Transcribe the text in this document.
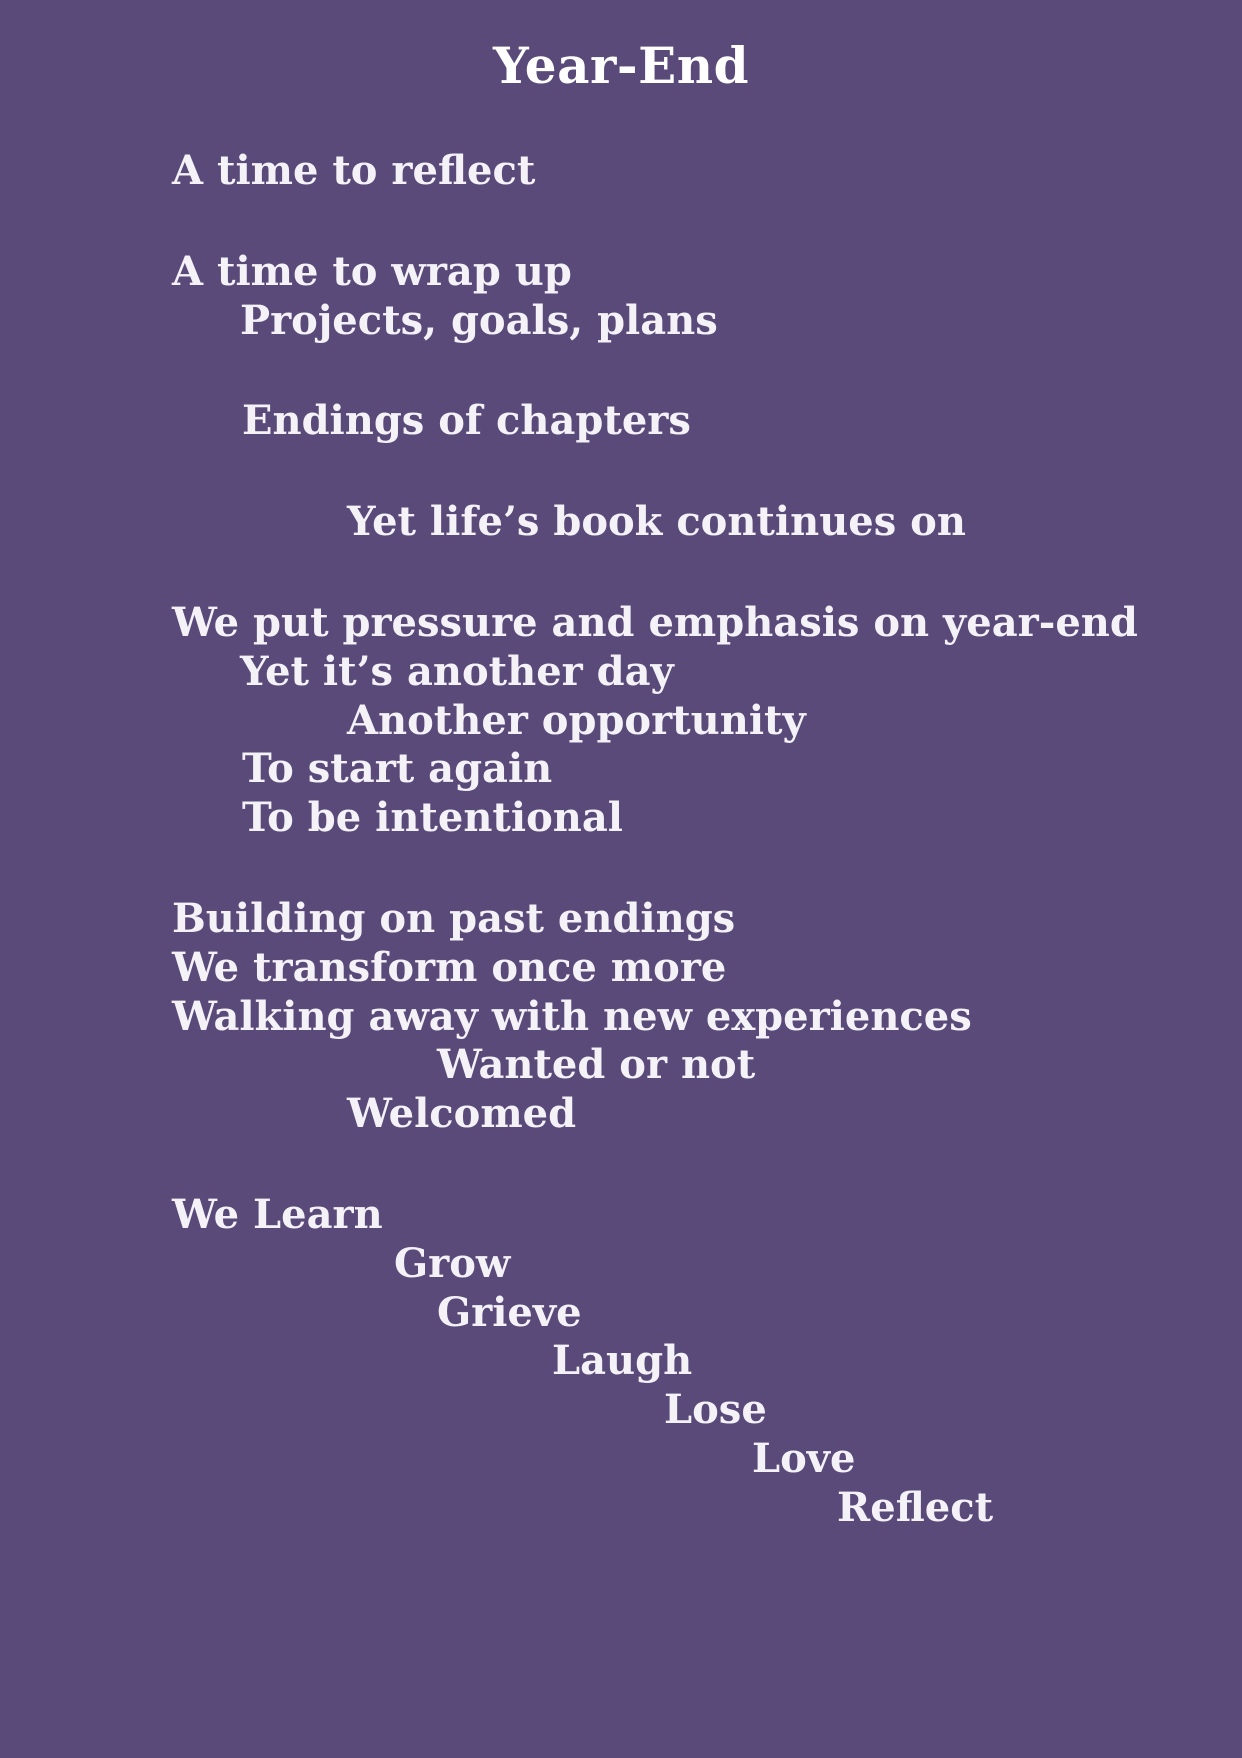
Year-End
A time to reflect
A time to wrap up
Projects, goals, plans
Endings of chapters
Yet life’s book continues on
We put pressure and emphasis on year-end
Yet it’s another day
Another opportunity
To start again
To be intentional
Building on past endings
We transform once more
Walking away with new experiences
Wanted or not
Welcomed
We Learn
Grow
Grieve
Laugh
Lose
Love
Reflect
